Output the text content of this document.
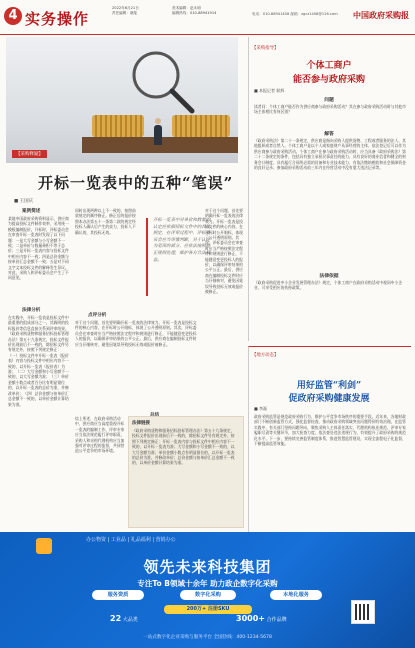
4 实务操作
2022年6月21日
责任编辑：晓斐
美术编辑：赵永明
编辑热线：010-88941914	电话：010-88941408 邮箱：zgcz1408@126.com 中国政府采购报
【采购释疑】
开标一览表中的五种“笔误”
■ 王国庆
案例简述
某地中国政府采购资料显示，供应商为提高投标文件制作效率，采用统一模板编制报价。开标时，评标委员会在审查开标一览表时发现了以下问题：一是大写金额与小写金额不一致；二是单价与数量乘积不等于总价；三是开标一览表内容与投标文件中相应内容不一致；四是总价金额与按单价汇总金额不一致；五是对不同文字文本投标文件的解释发生异议。对此，采购人和评标委员会产生了不同意见。
法律分析
在实践中，开标一览表是投标文件中最重要的组成部分之一，其载明的投标报价等信息直接关系到评审结果。《政府采购货物和服务招标投标管理办法》第五十九条规定，投标文件报价出现前后不一致的，除招标文件另有规定外，按照下列规定修正：（一）投标文件中开标一览表（报价表）内容与投标文件中相应内容不一致的，以开标一览表（报价表）为准；（二）大写金额和小写金额不一致的，以大写金额为准；（三）单价金额小数点或者百分比有明显错位的，以开标一览表的总价为准，并修改单价；（四）总价金额与按单价汇总金额不一致的，以单价金额计算结果为准。
同时出现两种以上不一致的，按照前款规定的顺序修正。修正后的报价按照本办法第五十一条第二款的规定经投标人确认后产生约束力，投标人不确认的，其投标无效。
点评分析
对于这个问题，首先要明确开标一览表的法律效力。开标一览表是投标文件的核心内容，在开标时公开唱标，体现了公开透明原则。其次，评标委员会在审查时应当严格按照法定程序和规则进行修正，不能随意变更投标人的报价，以确保评审结果的公平公正。最后，供应商在编制投标文件时应当仔细核对，避免因笔误导致投标无效或报价被修正。
开标一览表中对单价和数量的认定应依据招标文件中的具体规定，在评审过程中，评标委员会应当审慎判断，对于认定为笔误的部分，应依法按照修正规则处理，维护各方合法权益。
对于这个问题，首先要明确开标一览表的法律效力。开标一览表是投标文件的核心内容，在开标时公开唱标，体现了公开透明原则。其次，评标委员会在审查时应当严格按照法定程序和规则进行修正，不能随意变更投标人的报价，以确保评审结果的公平公正。最后，供应商在编制投标文件时应当仔细核对，避免因笔误导致投标无效或报价被修正。
法律链接
《政府采购货物和服务招标投标管理办法》第五十九条规定，投标文件报价出现前后不一致的，除招标文件另有规定外，按照下列规定修正：开标一览表内容与投标文件中相应内容不一致的，以开标一览表为准；大写金额和小写金额不一致的，以大写金额为准；单价金额小数点有明显错位的，以开标一览表的总价为准，并修改单价；总价金额与按单价汇总金额不一致的，以单价金额计算结果为准。
综上所述，在政府采购活动中，供应商应当高度重视开标一览表的编制工作，评审专家应当依法规范履行评审职责，采购人和采购代理机构应当加强对评审过程的监督，共同营造公平竞争的市场环境。
【采购指导】
个体工商户
能否参与政府采购
■ 本报记者 耿辉
问题
读者问：个体工商户能否作为供应商参与政府采购活动？其在参与政府采购活动时与其他市场主体相比有何区别？
解答
《政府采购法》第二十一条规定，供应商是指向采购人提供货物、工程或者服务的法人、其他组织或者自然人。个体工商户是以个人或家庭财产从事经营的主体，依法登记后可以作为供应商参与政府采购活动。个体工商户在参与政府采购活动时，应当具备《政府采购法》第二十二条规定的条件，包括具有独立承担民事责任的能力、具有良好的商业信誉和健全的财务会计制度、具有履行合同所必需的设备和专业技术能力、有依法缴纳税收和社会保障资金的良好记录、参加政府采购活动前三年内在经营活动中没有重大违法记录等。
法律依据
《政府采购促进中小企业发展管理办法》规定，个体工商户在政府采购活动中视同中小企业，可享受相应的扶持政策。
【地方动态】
用好监管“利剑”
促政府采购健康发展
■ 李磊
政府采购监管是规范政府采购行为、维护公平竞争市场秩序的重要手段。近年来，各地财政部门不断创新监管方式，强化监督检查，推动政府采购领域突出问题得到有效治理。在监管实践中，有关部门坚持问题导向，聚焦采购人主体责任落实、代理机构执业规范、评审专家履职尽责等关键环节，加大检查力度，依法查处违法违规行为，有效提升了政府采购的规范化水平。下一步，要持续完善监管制度体系，推进智慧监管建设，实现全流程电子化监督，不断提高监管效能。
办公物资 | 工业品 | 礼品福利 | 营销办公
领先未来科技集团
专注To B领域十余年 助力政企数字化采购
服务资质	数字化采购	本地化服务
200万+ 注册SKU
22 大品类	3000+ 合作品牌
一站式数字化企业采购与服务平台 全国热线：400-1234-5678
